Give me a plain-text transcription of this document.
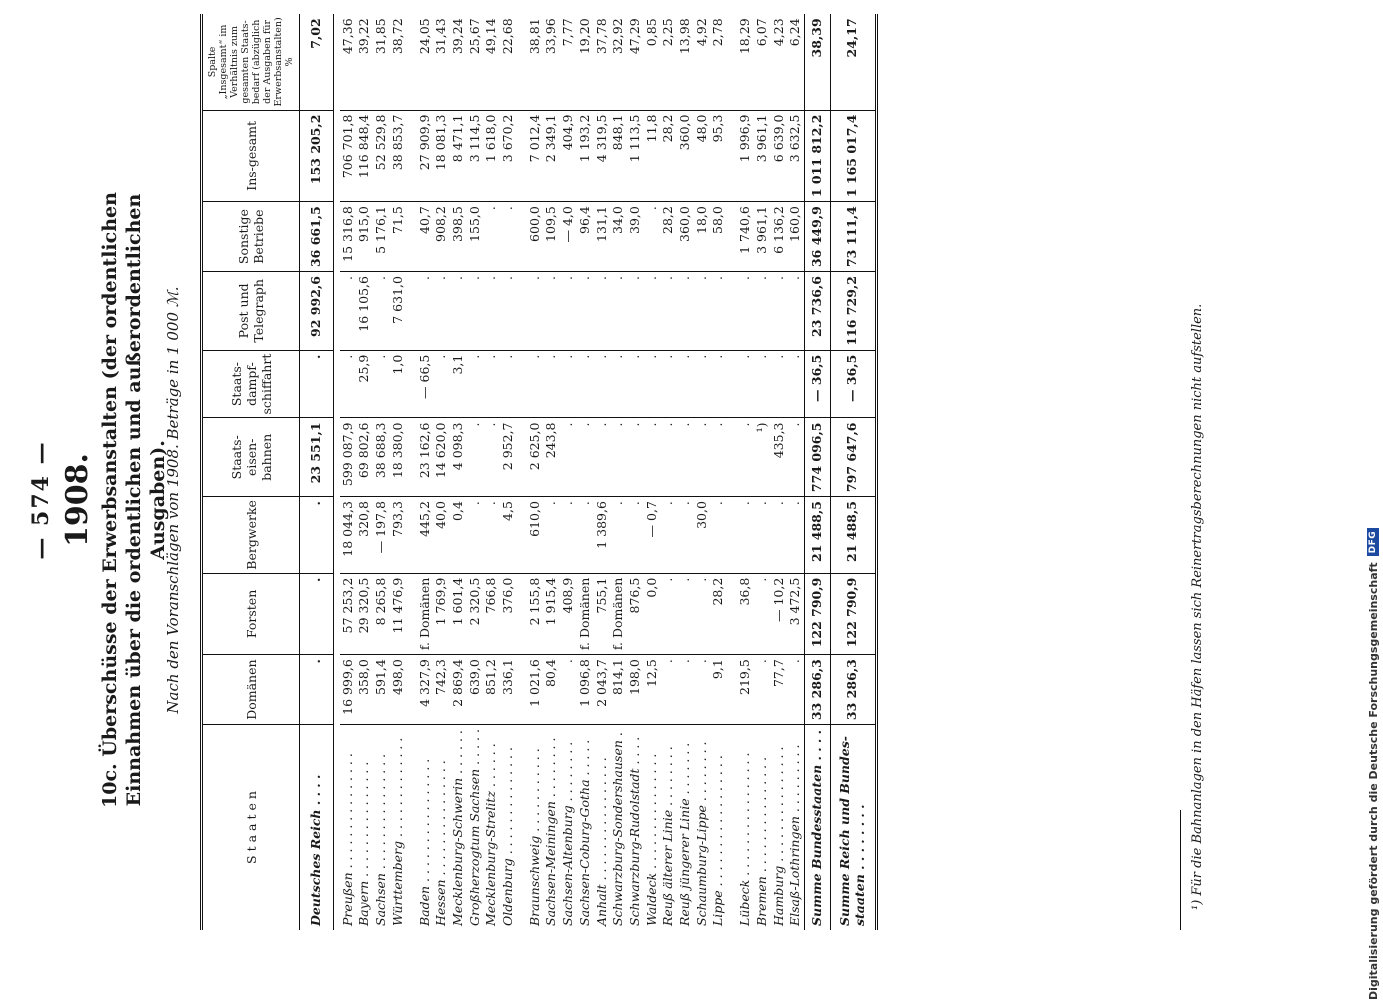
— 574 — 1908. 10c. Überschüsse der Erwerbsanstalten (der ordentlichen Einnahmen über die ordentlichen und außerordentlichen Ausgaben).
Nach den Voranschlägen von 1908. Beträge in 1 000 ℳ.
S t a a t e n	Domänen	Forsten	Bergwerke	Staats-eisen-bahnen	Staats-dampf-schiffahrt	Post und Telegraph	Sonstige Betriebe	Ins-gesamt	Spalte „Insgesamt“ im Verhältnis zum gesamten Staats-bedarf (abzüglich der Ausgaben für Erwerbsanstalten)
%
Deutsches Reich . . . .	.	.	.	23 551,1	.	92 992,6	36 661,5	153 205,2	7,02

Preußen . . . . . . . . . . . . . . .	16 999,6	57 253,2	18 044,3	599 087,9	.	.	15 316,8	706 701,8	47,36
Bayern . . . . . . . . . . . . . . .	358,0	29 320,5	320,8	69 802,6	25,9	16 105,6	915,0	116 848,4	39,22
Sachsen . . . . . . . . . . . . . . .	591,4	8 265,8	— 197,8	38 688,3	.	.	5 176,1	52 529,8	31,85
Württemberg . . . . . . . . . . . . .	498,0	11 476,9	793,3	18 380,0	1,0	7 631,0	71,5	38 853,7	38,72
Baden . . . . . . . . . . . . . . . .	4 327,9	f. Domänen	445,2	23 162,6	— 66,5	.	40,7	27 909,9	24,05
Hessen . . . . . . . . . . . . . . .	742,3	1 769,9	40,0	14 620,0	.	.	908,2	18 081,3	31,43
Mecklenburg-Schwerin . . . . . .	2 869,4	1 601,4	0,4	4 098,3	3,1	.	398,5	8 471,1	39,24
Großherzogtum Sachsen . . . . .	639,0	2 320,5	.	.	.	.	155,0	3 114,5	25,67
Mecklenburg-Strelitz . . . . . .	851,2	766,8	.	.	.	.	.	1 618,0	49,14
Oldenburg . . . . . . . . . . . . . .	336,1	376,0	4,5	2 952,7	.	.	.	3 670,2	22,68
Braunschweig . . . . . . . . . . .	1 021,6	2 155,8	610,0	2 625,0	.	.	600,0	7 012,4	38,81
Sachsen-Meiningen . . . . . . . .	80,4	1 915,4	.	243,8	.	.	109,5	2 349,1	33,96
Sachsen-Altenburg . . . . . . . .	.	408,9	.	.	.	.	— 4,0	404,9	7,77
Sachsen-Coburg-Gotha . . . . .	1 096,8	f. Domänen	.	.	.	.	96,4	1 193,2	19,20
Anhalt . . . . . . . . . . . . . . . .	2 043,7	755,1	1 389,6	.	.	.	131,1	4 319,5	37,78
Schwarzburg-Sondershausen .	814,1	f. Domänen	.	.	.	.	34,0	848,1	32,92
Schwarzburg-Rudolstadt . . . .	198,0	876,5	.	.	.	.	39,0	1 113,5	47,29
Waldeck . . . . . . . . . . . . . . .	12,5	0,0	— 0,7	.	.	.	.	11,8	0,85
Reuß älterer Linie . . . . . . . .	.	.	.	.	.	.	28,2	28,2	2,25
Reuß jüngerer Linie . . . . . . .	.	.	.	.	.	.	360,0	360,0	13,98
Schaumburg-Lippe . . . . . . . .	.	.	30,0	.	.	.	18,0	48,0	4,92
Lippe . . . . . . . . . . . . . . . . .	9,1	28,2	.	.	.	.	58,0	95,3	2,78
Lübeck . . . . . . . . . . . . . . . .	219,5	36,8	.	.	.	.	1 740,6	1 996,9	18,29
Bremen . . . . . . . . . . . . . . .	.	.	.	¹)	.	.	3 961,1	3 961,1	6,07
Hamburg . . . . . . . . . . . . . . .	77,7	— 10,2	.	435,3	.	.	6 136,2	6 639,0	4,23
Elsaß-Lothringen . . . . . . . . .	.	3 472,5	.	.	.	.	160,0	3 632,5	6,24
Summe Bundesstaaten . . . .	33 286,3	122 790,9	21 488,5	774 096,5	— 36,5	23 736,6	36 449,9	1 011 812,2	38,39
Summe Reich und Bundes-staaten . . . . . . . .	33 286,3	122 790,9	21 488,5	797 647,6	— 36,5	116 729,2	73 111,4	1 165 017,4	24,17
¹) Für die Bahnanlagen in den Häfen lassen sich Reinertragsberechnungen nicht aufstellen.	Digitalisierung gefördert durch die Deutsche Forschungsgemeinschaft
DFG
